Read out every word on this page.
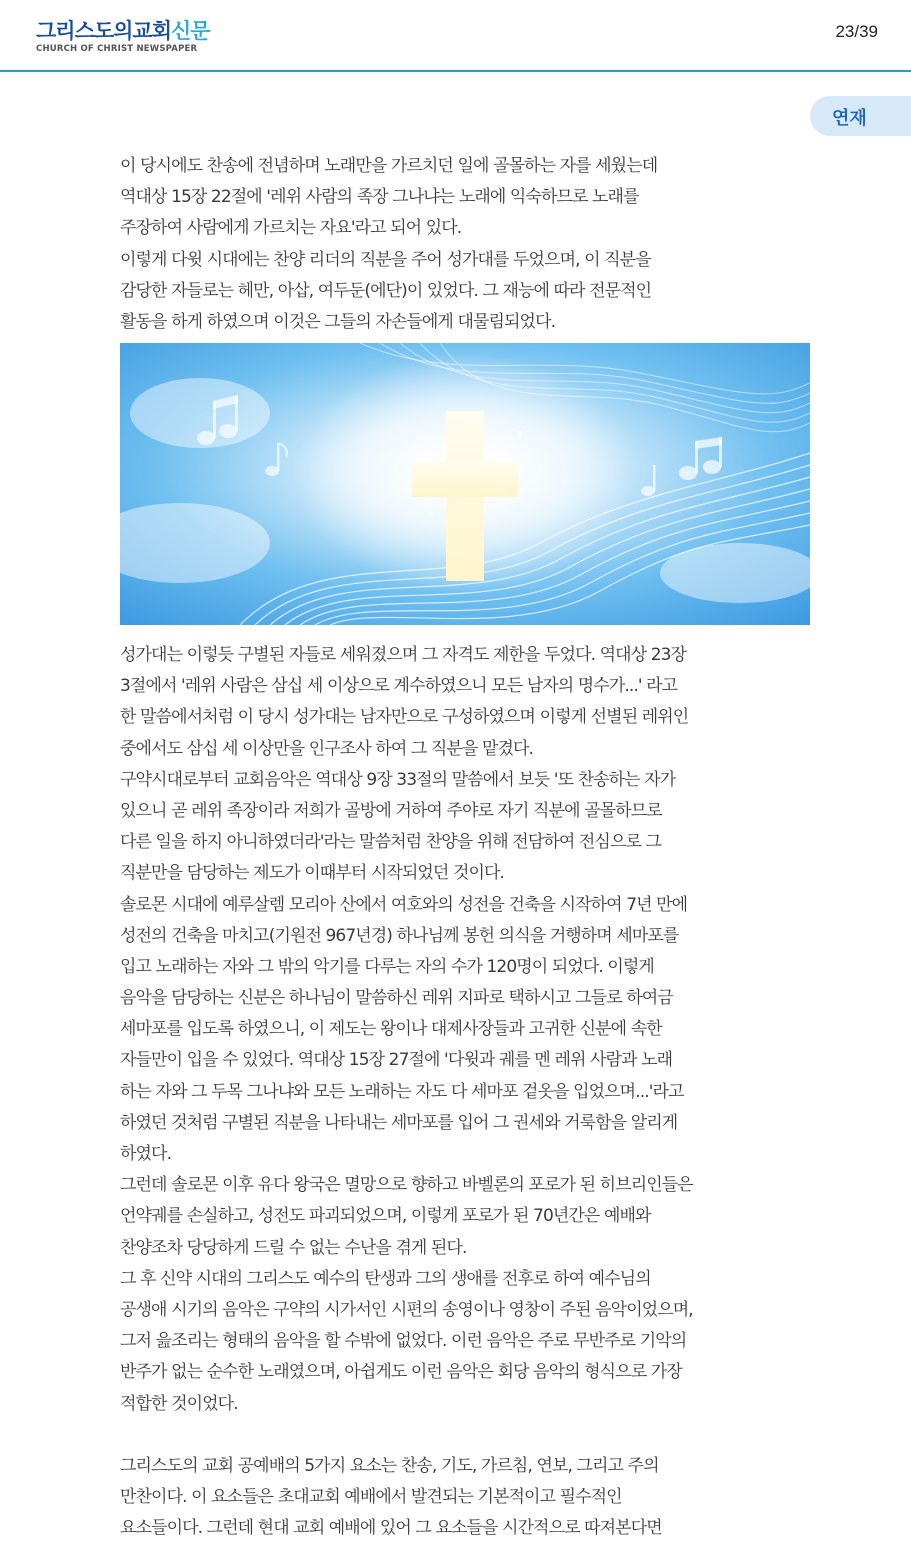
그리스도의교회신문
CHURCH OF CHRIST NEWSPAPER
23/39
연재
이 당시에도 찬송에 전념하며 노래만을 가르치던 일에 골몰하는 자를 세웠는데
역대상 15장 22절에 '레위 사람의 족장 그나냐는 노래에 익숙하므로 노래를
주장하여 사람에게 가르치는 자요'라고 되어 있다.
이렇게 다윗 시대에는 찬양 리더의 직분을 주어 성가대를 두었으며, 이 직분을
감당한 자들로는 헤만, 아삽, 여두둔(에단)이 있었다. 그 재능에 따라 전문적인
활동을 하게 하였으며 이것은 그들의 자손들에게 대물림되었다.
성가대는 이렇듯 구별된 자들로 세워졌으며 그 자격도 제한을 두었다. 역대상 23장
3절에서 '레위 사람은 삼십 세 이상으로 계수하였으니 모든 남자의 명수가...' 라고
한 말씀에서처럼 이 당시 성가대는 남자만으로 구성하였으며 이렇게 선별된 레위인
중에서도 삼십 세 이상만을 인구조사 하여 그 직분을 맡겼다.
구약시대로부터 교회음악은 역대상 9장 33절의 말씀에서 보듯 '또 찬송하는 자가
있으니 곧 레위 족장이라 저희가 골방에 거하여 주야로 자기 직분에 골몰하므로
다른 일을 하지 아니하였더라'라는 말씀처럼 찬양을 위해 전담하여 전심으로 그
직분만을 담당하는 제도가 이때부터 시작되었던 것이다.
솔로몬 시대에 예루살렘 모리아 산에서 여호와의 성전을 건축을 시작하여 7년 만에
성전의 건축을 마치고(기원전 967년경) 하나님께 봉헌 의식을 거행하며 세마포를
입고 노래하는 자와 그 밖의 악기를 다루는 자의 수가 120명이 되었다. 이렇게
음악을 담당하는 신분은 하나님이 말씀하신 레위 지파로 택하시고 그들로 하여금
세마포를 입도록 하였으니, 이 제도는 왕이나 대제사장들과 고귀한 신분에 속한
자들만이 입을 수 있었다. 역대상 15장 27절에 '다윗과 궤를 멘 레위 사람과 노래
하는 자와 그 두목 그나냐와 모든 노래하는 자도 다 세마포 겉옷을 입었으며...'라고
하였던 것처럼 구별된 직분을 나타내는 세마포를 입어 그 권세와 거룩함을 알리게
하였다.
그런데 솔로몬 이후 유다 왕국은 멸망으로 향하고 바벨론의 포로가 된 히브리인들은
언약궤를 손실하고, 성전도 파괴되었으며, 이렇게 포로가 된 70년간은 예배와
찬양조차 당당하게 드릴 수 없는 수난을 겪게 된다.
그 후 신약 시대의 그리스도 예수의 탄생과 그의 생애를 전후로 하여 예수님의
공생애 시기의 음악은 구약의 시가서인 시편의 송영이나 영창이 주된 음악이었으며,
그저 읊조리는 형태의 음악을 할 수밖에 없었다. 이런 음악은 주로 무반주로 기악의
반주가 없는 순수한 노래였으며, 아쉽게도 이런 음악은 회당 음악의 형식으로 가장
적합한 것이었다.
그리스도의 교회 공예배의 5가지 요소는 찬송, 기도, 가르침, 연보, 그리고 주의
만찬이다. 이 요소들은 초대교회 예배에서 발견되는 기본적이고 필수적인
요소들이다. 그런데 현대 교회 예배에 있어 그 요소들을 시간적으로 따져본다면
